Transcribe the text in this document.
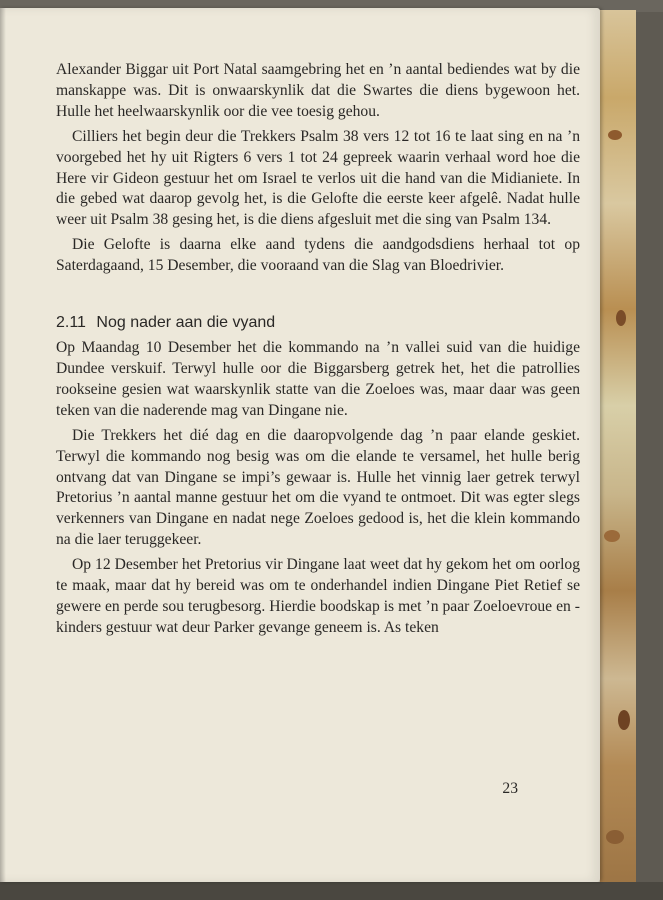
Alexander Biggar uit Port Natal saamgebring het en ’n aantal bediendes wat by die manskappe was. Dit is onwaarskynlik dat die Swartes die diens bygewoon het. Hulle het heelwaarskynlik oor die vee toesig gehou.

Cilliers het begin deur die Trekkers Psalm 38 vers 12 tot 16 te laat sing en na ’n voorgebed het hy uit Rigters 6 vers 1 tot 24 gepreek waarin verhaal word hoe die Here vir Gideon gestuur het om Israel te verlos uit die hand van die Midianiete. In die gebed wat daarop gevolg het, is die Gelofte die eerste keer afgelê. Nadat hulle weer uit Psalm 38 gesing het, is die diens afgesluit met die sing van Psalm 134.

Die Gelofte is daarna elke aand tydens die aandgodsdiens herhaal tot op Saterdagaand, 15 Desember, die vooraand van die Slag van Bloedrivier.

2.11 Nog nader aan die vyand

Op Maandag 10 Desember het die kommando na ’n vallei suid van die huidige Dundee verskuif. Terwyl hulle oor die Biggarsberg getrek het, het die patrollies rookseine gesien wat waarskynlik statte van die Zoeloes was, maar daar was geen teken van die naderende mag van Dingane nie.

Die Trekkers het dié dag en die daaropvolgende dag ’n paar elande geskiet. Terwyl die kommando nog besig was om die elande te versamel, het hulle berig ontvang dat van Dingane se impi’s gewaar is. Hulle het vinnig laer getrek terwyl Pretorius ’n aantal manne gestuur het om die vyand te ontmoet. Dit was egter slegs verkenners van Dingane en nadat nege Zoeloes gedood is, het die klein kommando na die laer teruggekeer.

Op 12 Desember het Pretorius vir Dingane laat weet dat hy gekom het om oorlog te maak, maar dat hy bereid was om te onderhandel indien Dingane Piet Retief se gewere en perde sou terugbesorg. Hierdie boodskap is met ’n paar Zoeloevroue en -kinders gestuur wat deur Parker gevange geneem is. As teken

23
